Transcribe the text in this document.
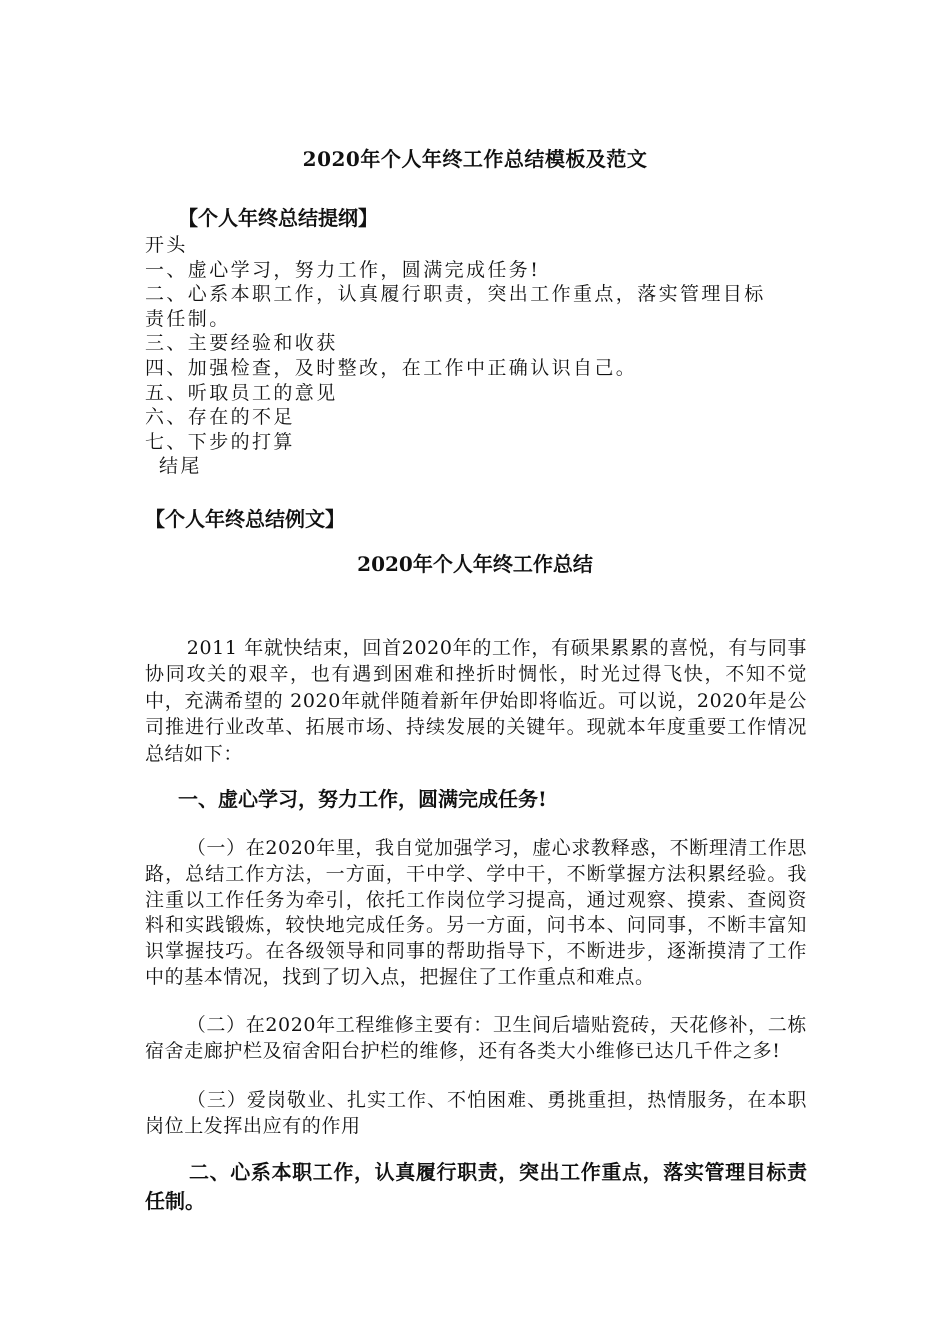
2020年个人年终工作总结模板及范文
【个人年终总结提纲】
开头
一、虚心学习，努力工作，圆满完成任务!
二、心系本职工作，认真履行职责，突出工作重点，落实管理目标
责任制。
三、主要经验和收获
四、加强检查，及时整改，在工作中正确认识自己。
五、听取员工的意见
六、存在的不足
七、下步的打算
结尾
【个人年终总结例文】
2020年个人年终工作总结

2011 年就快结束，回首2020年的工作，有硕果累累的喜悦，有与同事协同攻关的艰辛，也有遇到困难和挫折时惆怅，时光过得飞快，不知不觉中，充满希望的 2020年就伴随着新年伊始即将临近。可以说，2020年是公司推进行业改革、拓展市场、持续发展的关键年。现就本年度重要工作情况总结如下：

一、虚心学习，努力工作，圆满完成任务!

（一）在2020年里，我自觉加强学习，虚心求教释惑，不断理清工作思路，总结工作方法，一方面，干中学、学中干，不断掌握方法积累经验。我注重以工作任务为牵引，依托工作岗位学习提高，通过观察、摸索、查阅资料和实践锻炼，较快地完成任务。另一方面，问书本、问同事，不断丰富知识掌握技巧。在各级领导和同事的帮助指导下，不断进步，逐渐摸清了工作中的基本情况，找到了切入点，把握住了工作重点和难点。

（二）在2020年工程维修主要有：卫生间后墙贴瓷砖，天花修补，二栋宿舍走廊护栏及宿舍阳台护栏的维修，还有各类大小维修已达几千件之多!

（三）爱岗敬业、扎实工作、不怕困难、勇挑重担，热情服务，在本职岗位上发挥出应有的作用

二、心系本职工作，认真履行职责，突出工作重点，落实管理目标责任制。
